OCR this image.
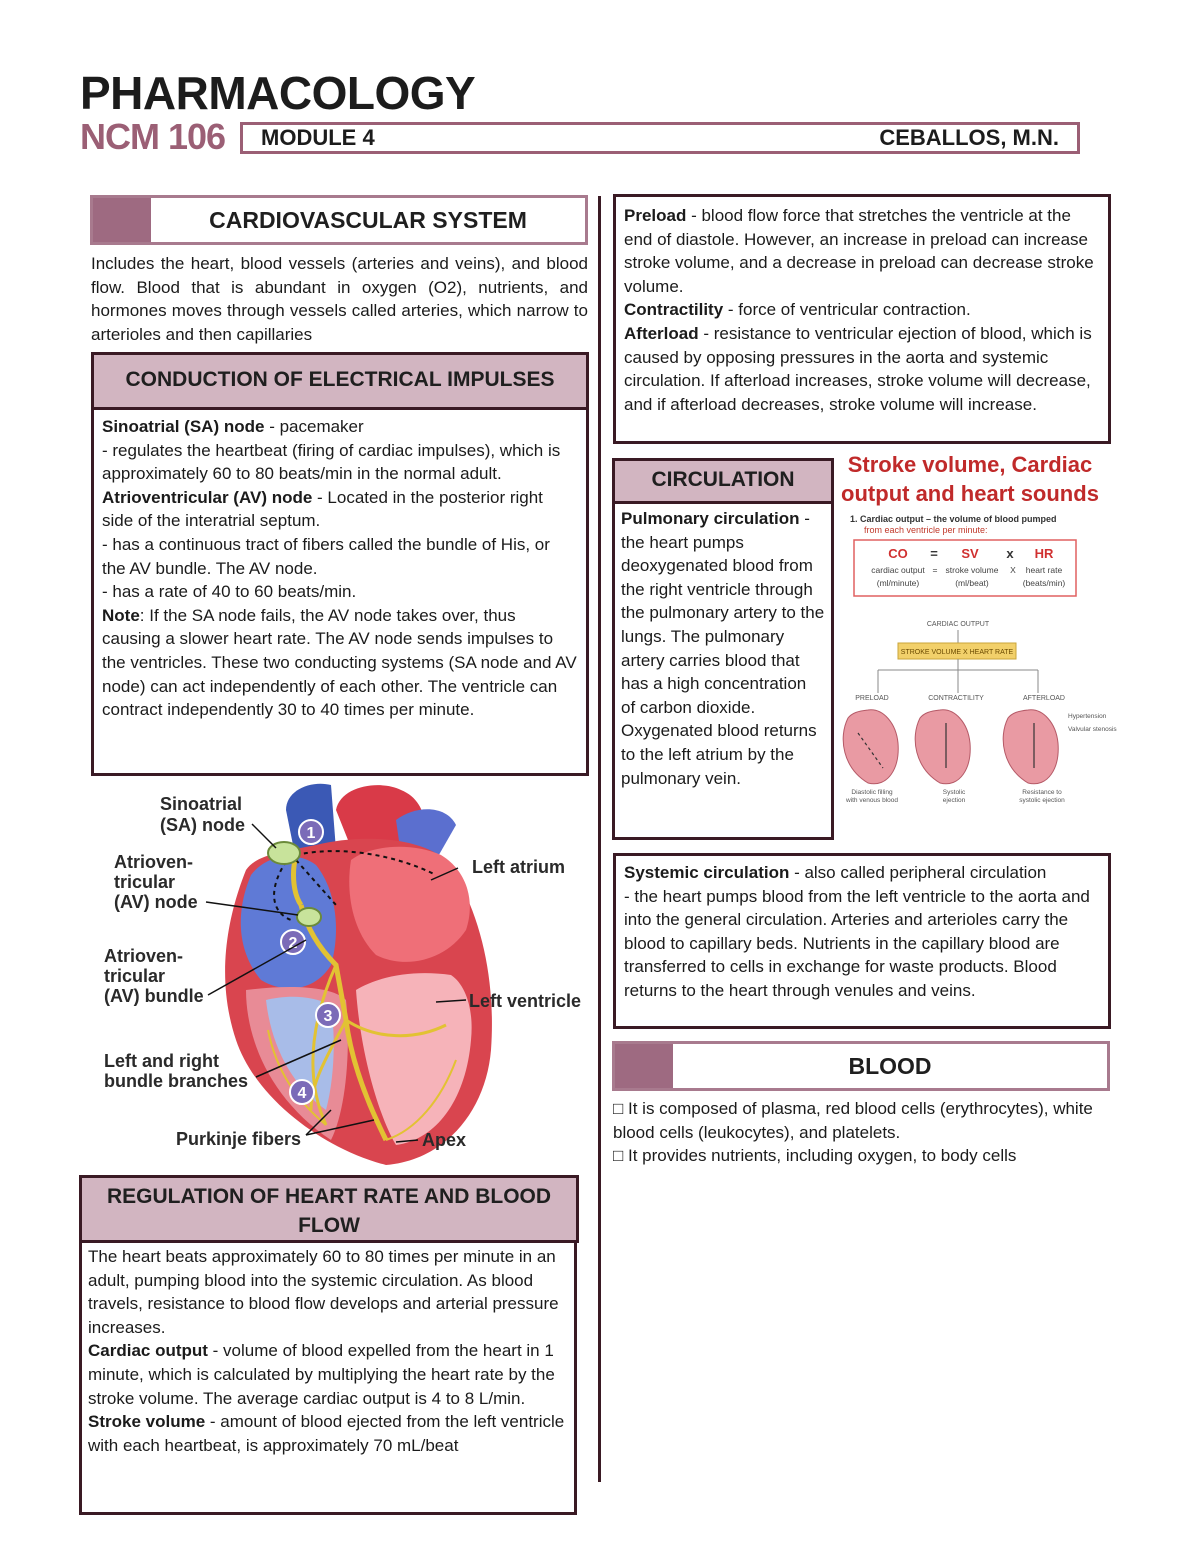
PHARMACOLOGY
NCM 106 MODULE 4	CEBALLOS, M.N.
CARDIOVASCULAR SYSTEM

Includes the heart, blood vessels (arteries and veins), and blood flow. Blood that is abundant in oxygen (O2), nutrients, and hormones moves through vessels called arteries, which narrow to arterioles and then capillaries

CONDUCTION OF ELECTRICAL IMPULSES

Sinoatrial (SA) node - pacemaker

- regulates the heartbeat (firing of cardiac impulses), which is approximately 60 to 80 beats/min in the normal adult.

Atrioventricular (AV) node - Located in the posterior right side of the interatrial septum.

- has a continuous tract of fibers called the bundle of His, or the AV bundle. The AV node.

- has a rate of 40 to 60 beats/min.

Note: If the SA node fails, the AV node takes over, thus causing a slower heart rate. The AV node sends impulses to the ventricles. These two conducting systems (SA node and AV node) can act independently of each other. The ventricle can contract independently 30 to 40 times per minute.

1
2
3
4
Sinoatrial
(SA) node
Atrioven-
tricular
(AV) node
Atrioven-
tricular
(AV) bundle
Left and right
bundle branches
Purkinje fibers
Left atrium
Left ventricle
Apex
REGULATION OF HEART RATE AND BLOOD FLOW

The heart beats approximately 60 to 80 times per minute in an adult, pumping blood into the systemic circulation. As blood travels, resistance to blood flow develops and arterial pressure increases.

Cardiac output - volume of blood expelled from the heart in 1 minute, which is calculated by multiplying the heart rate by the stroke volume. The average cardiac output is 4 to 8 L/min.

Stroke volume - amount of blood ejected from the left ventricle with each heartbeat, is approximately 70 mL/beat

Preload - blood flow force that stretches the ventricle at the end of diastole. However, an increase in preload can increase stroke volume, and a decrease in preload can decrease stroke volume.

Contractility - force of ventricular contraction.

Afterload - resistance to ventricular ejection of blood, which is caused by opposing pressures in the aorta and systemic circulation. If afterload increases, stroke volume will decrease, and if afterload decreases, stroke volume will increase.

CIRCULATION

Pulmonary circulation - the heart pumps deoxygenated blood from the right ventricle through the pulmonary artery to the lungs. The pulmonary artery carries blood that has a high concentration of carbon dioxide. Oxygenated blood returns to the left atrium by the pulmonary vein.

Stroke volume, Cardiac
output and heart sounds
1. Cardiac output – the volume of blood pumped
from each ventricle per minute:
CO = SV x HR
cardiac output = stroke volume X heart rate
(ml/minute)	(ml/beat)	(beats/min)
CARDIAC OUTPUT
STROKE VOLUME X HEART RATE
PRELOAD	CONTRACTILITY	AFTERLOAD
Diastolic filling
with venous blood
Systolic
ejection
Resistance to
systolic ejection
Hypertension
Valvular stenosis

Systemic circulation - also called peripheral circulation

- the heart pumps blood from the left ventricle to the aorta and into the general circulation. Arteries and arterioles carry the blood to capillary beds. Nutrients in the capillary blood are transferred to cells in exchange for waste products. Blood returns to the heart through venules and veins.

BLOOD

□ It is composed of plasma, red blood cells (erythrocytes), white blood cells (leukocytes), and platelets.

□ It provides nutrients, including oxygen, to body cells
